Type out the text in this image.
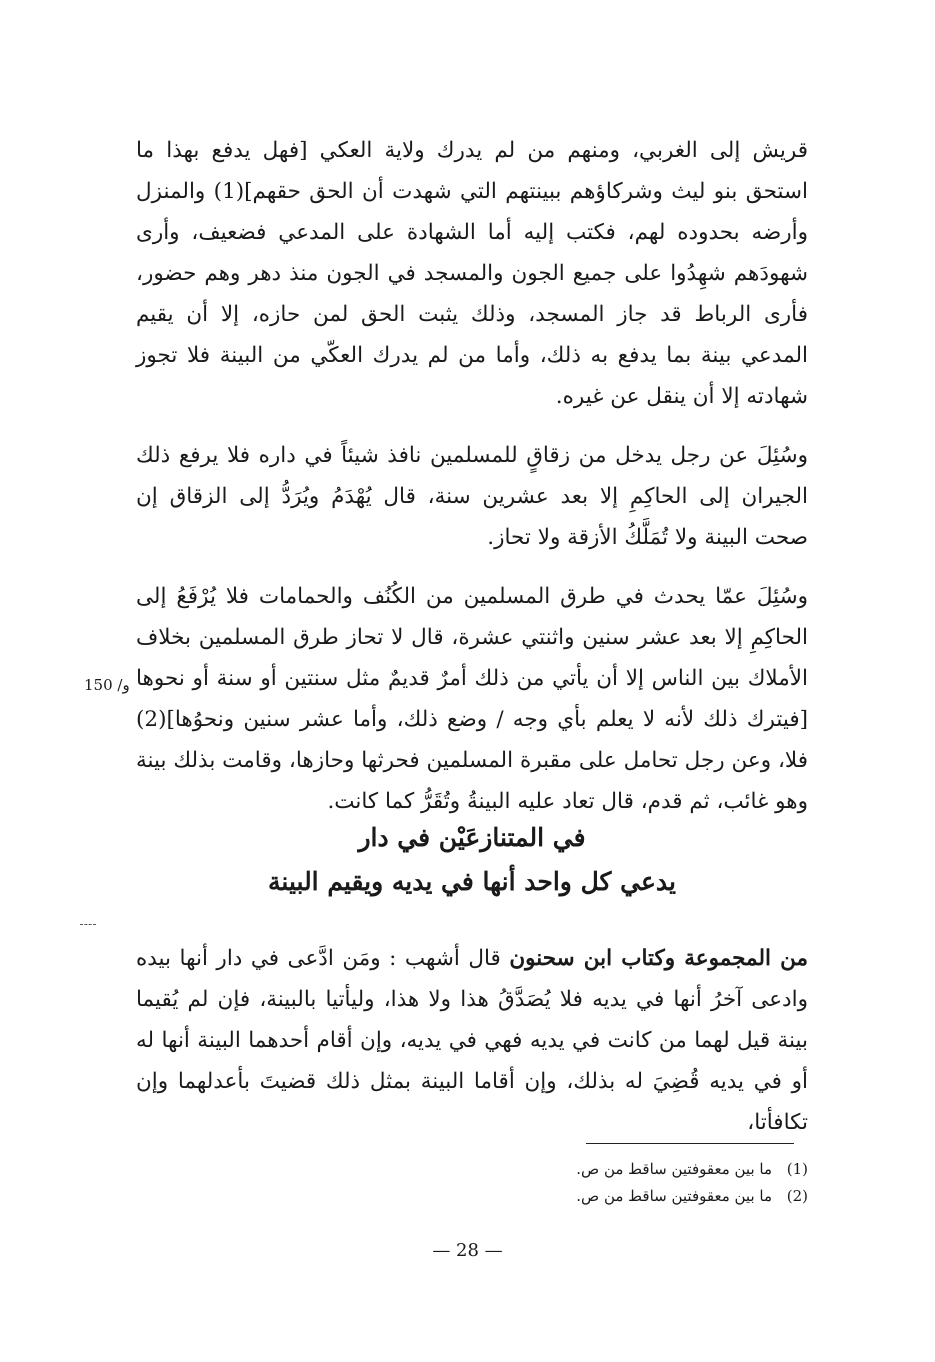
قريش إلى الغربي، ومنهم من لم يدرك ولاية العكي [فهل يدفع بهذا ما استحق بنو ليث وشركاؤهم ببينتهم التي شهدت أن الحق حقهم](1) والمنزل وأرضه بحدوده لهم، فكتب إليه أما الشهادة على المدعي فضعيف، وأرى شهودَهم شهِدُوا على جميع الجون والمسجد في الجون منذ دهر وهم حضور، فأرى الرباط قد جاز المسجد، وذلك يثبت الحق لمن حازه، إلا أن يقيم المدعي بينة بما يدفع به ذلك، وأما من لم يدرك العكّي من البينة فلا تجوز شهادته إلا أن ينقل عن غيره.

وسُئِلَ عن رجل يدخل من زقاقٍ للمسلمين نافذ شيئاً في داره فلا يرفع ذلك الجيران إلى الحاكِمِ إلا بعد عشرين سنة، قال يُهْدَمُ ويُرَدُّ إلى الزقاق إن صحت البينة ولا تُمَلَّكُ الأزقة ولا تحاز.

وسُئِلَ عمّا يحدث في طرق المسلمين من الكُنُف والحمامات فلا يُرْفَعُ إلى الحاكِمِ إلا بعد عشر سنين واثنتي عشرة، قال لا تحاز طرق المسلمين بخلاف الأملاك بين الناس إلا أن يأتي من ذلك أمرٌ قديمٌ مثل سنتين أو سنة أو نحوها [فيترك ذلك لأنه لا يعلم بأي وجه / وضع ذلك، وأما عشر سنين ونحوُها](2) فلا، وعن رجل تحامل على مقبرة المسلمين فحرثها وحازها، وقامت بذلك بينة وهو غائب، ثم قدم، قال تعاد عليه البينةُ وتُقَرُّ كما كانت.

150 /و
في المتنازعَيْن في دار
يدعي كل واحد أنها في يديه ويقيم البينة

من المجموعة وكتاب ابن سحنون قال أشهب : ومَن ادَّعى في دار أنها بيده وادعى آخرُ أنها في يديه فلا يُصَدَّقُ هذا ولا هذا، وليأتيا بالبينة، فإن لم يُقيما بينة قيل لهما من كانت في يديه فهي في يديه، وإن أقام أحدهما البينة أنها له أو في يديه قُضِيَ له بذلك، وإن أقاما البينة بمثل ذلك قضيتَ بأعدلهما وإن تكافأتا،

(1)
ما بين معقوفتين ساقط من ص.
(2)
ما بين معقوفتين ساقط من ص.
— 28 —
